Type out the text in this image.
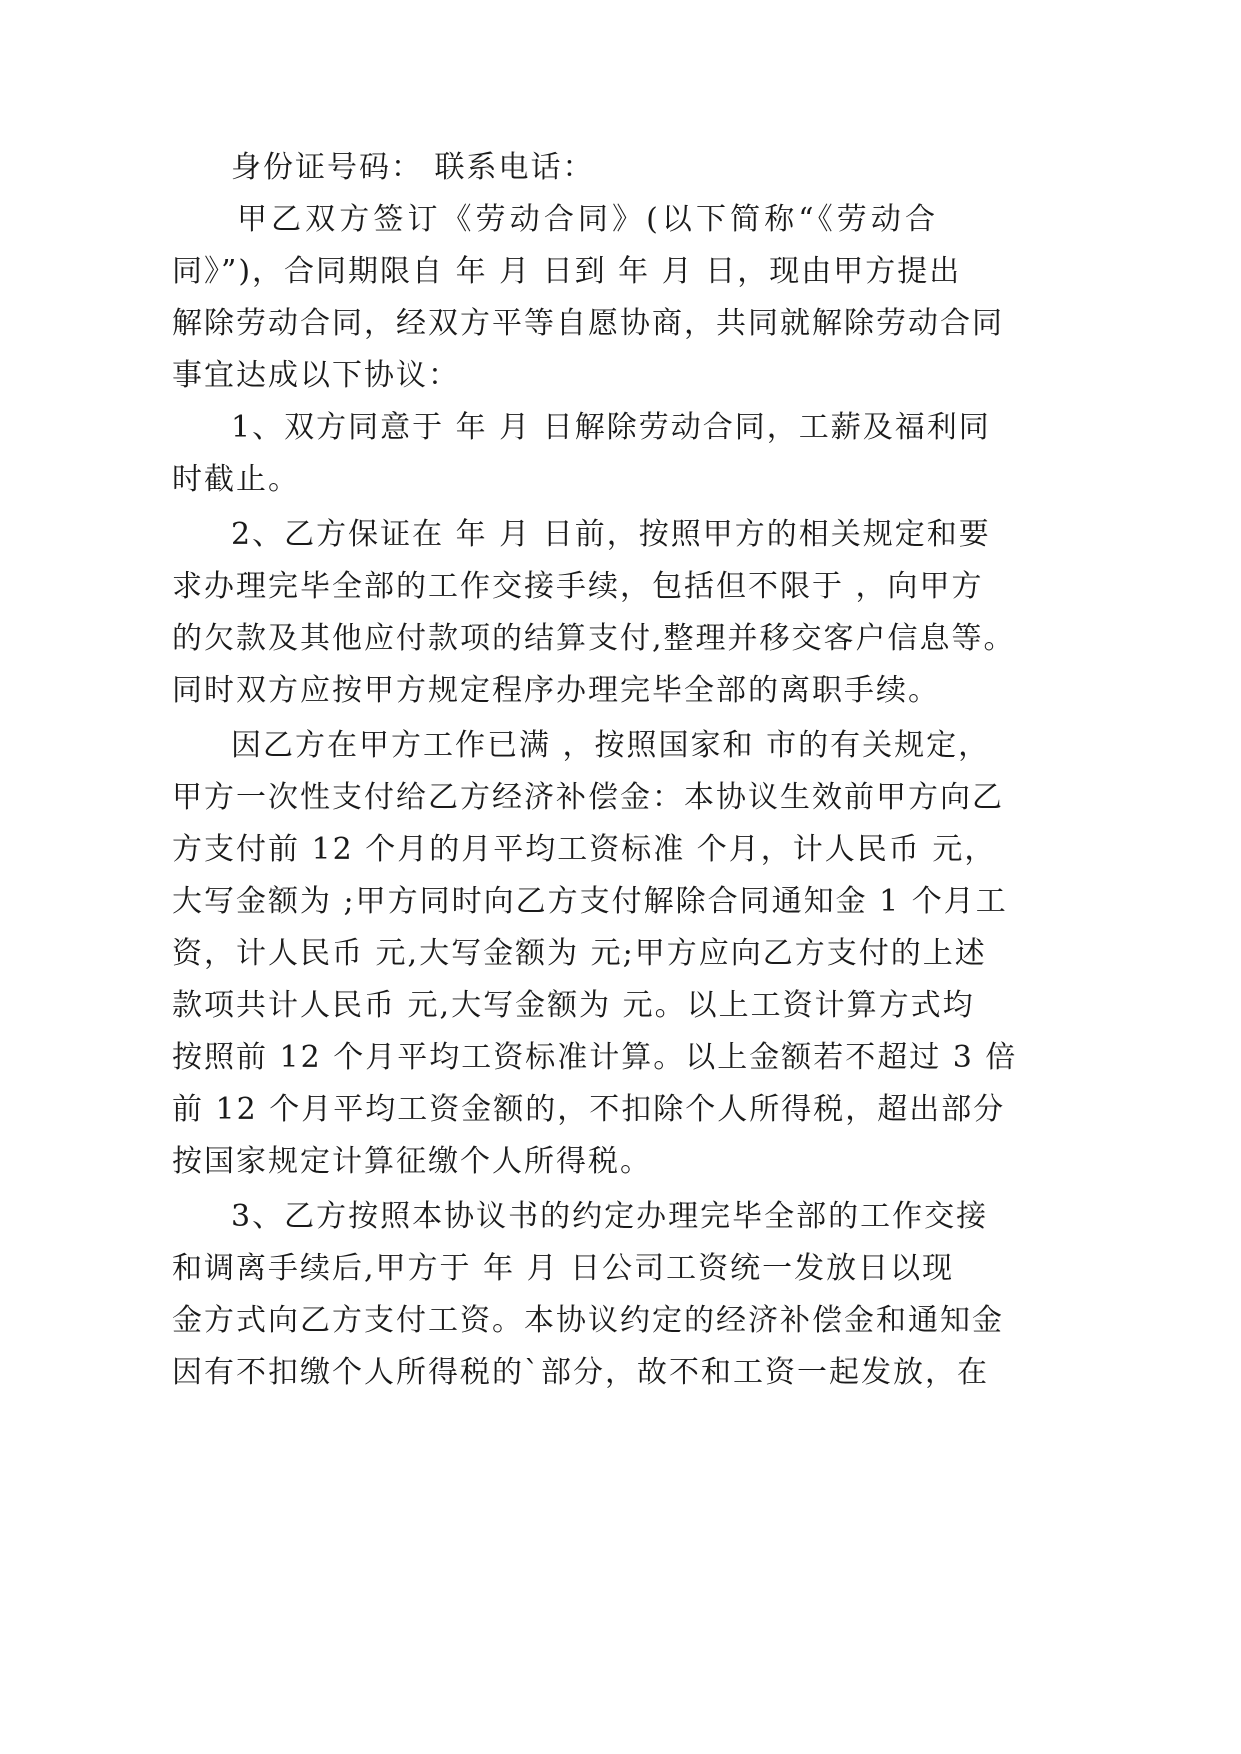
身份证号码： 联系电话：
甲乙双方签订《劳动合同》(以下简称“《劳动合
同》”)，合同期限自 年 月 日到 年 月 日，现由甲方提出
解除劳动合同，经双方平等自愿协商，共同就解除劳动合同
事宜达成以下协议：
1、双方同意于 年 月 日解除劳动合同，工薪及福利同
时截止。
2、乙方保证在 年 月 日前，按照甲方的相关规定和要
求办理完毕全部的工作交接手续，包括但不限于 ，向甲方
的欠款及其他应付款项的结算支付,整理并移交客户信息等。
同时双方应按甲方规定程序办理完毕全部的离职手续。
因乙方在甲方工作已满 ，按照国家和 市的有关规定，
甲方一次性支付给乙方经济补偿金：本协议生效前甲方向乙
方支付前 12 个月的月平均工资标准 个月，计人民币 元，
大写金额为 ;甲方同时向乙方支付解除合同通知金 1 个月工
资，计人民币 元,大写金额为 元;甲方应向乙方支付的上述
款项共计人民币 元,大写金额为 元。以上工资计算方式均
按照前 12 个月平均工资标准计算。以上金额若不超过 3 倍
前 12 个月平均工资金额的，不扣除个人所得税，超出部分
按国家规定计算征缴个人所得税。
3、乙方按照本协议书的约定办理完毕全部的工作交接
和调离手续后,甲方于 年 月 日公司工资统一发放日以现
金方式向乙方支付工资。本协议约定的经济补偿金和通知金
因有不扣缴个人所得税的`部分，故不和工资一起发放，在
